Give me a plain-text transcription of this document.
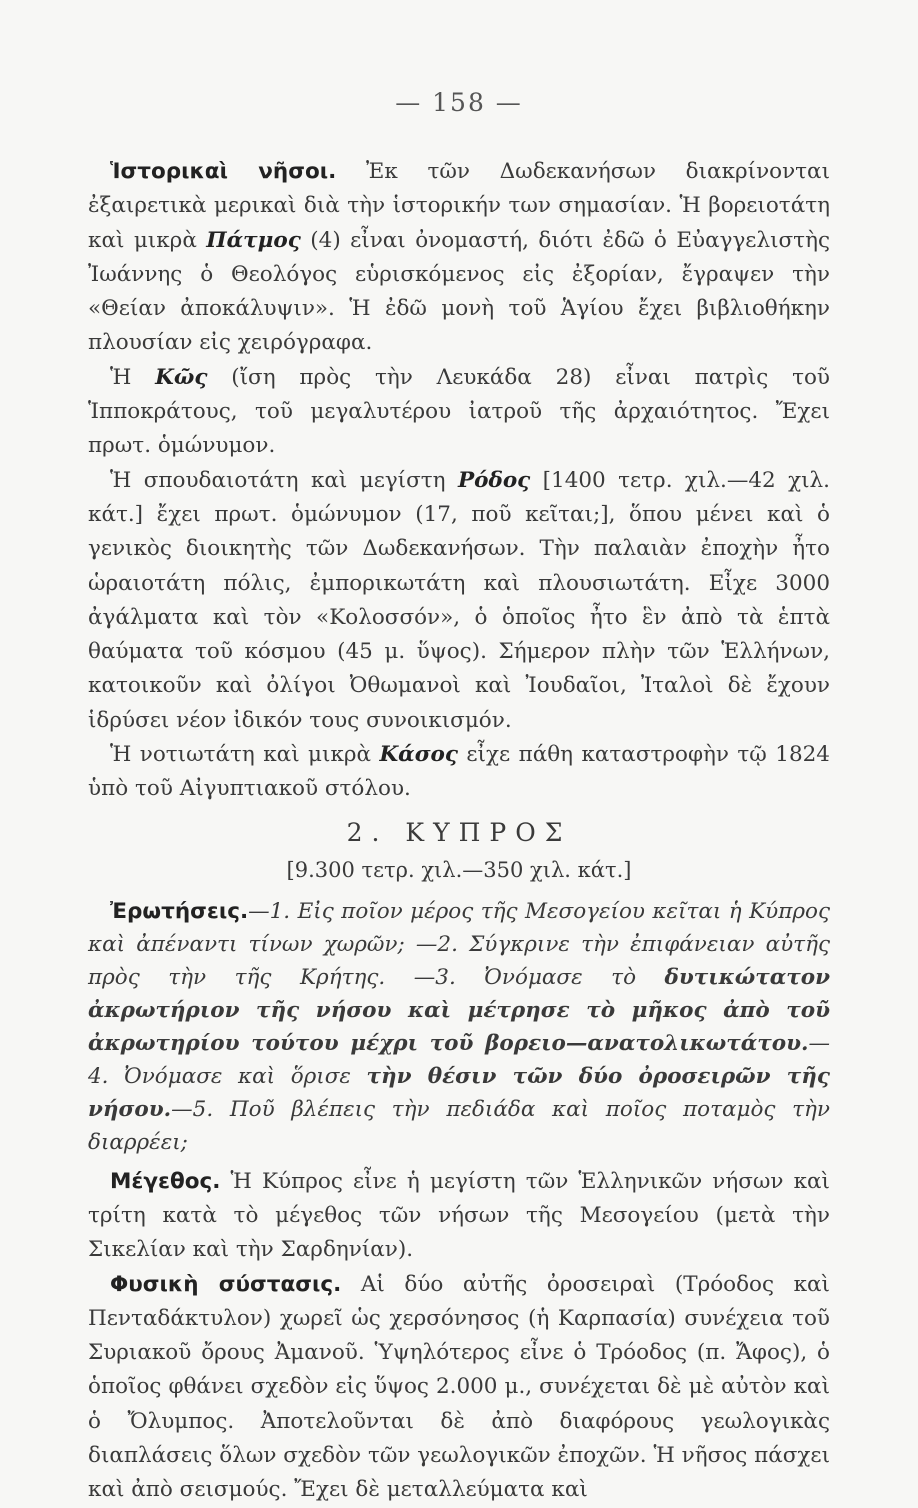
— 158 —

Ἱστορικαὶ νῆσοι. Ἐκ τῶν Δωδεκανήσων διακρίνονται ἐξαιρετικὰ μερικαὶ διὰ τὴν ἱστορικήν των σημασίαν. Ἡ βορειοτάτη καὶ μικρὰ Πάτμος (4) εἶναι ὀνομαστή, διότι ἐδῶ ὁ Εὐαγγελιστὴς Ἰωάννης ὁ Θεολόγος εὑρισκόμενος εἰς ἐξορίαν, ἔγραψεν τὴν «Θείαν ἀποκάλυψιν». Ἡ ἐδῶ μονὴ τοῦ Ἁγίου ἔχει βιβλιοθήκην πλουσίαν εἰς χειρόγραφα.

Ἡ Κῶς (ἴση πρὸς τὴν Λευκάδα 28) εἶναι πατρὶς τοῦ Ἱπποκράτους, τοῦ μεγαλυτέρου ἰατροῦ τῆς ἀρχαιότητος. Ἔχει πρωτ. ὁμώνυμον.

Ἡ σπουδαιοτάτη καὶ μεγίστη Ρόδος [1400 τετρ. χιλ.—42 χιλ. κάτ.] ἔχει πρωτ. ὁμώνυμον (17, ποῦ κεῖται;], ὅπου μένει καὶ ὁ γενικὸς διοικητὴς τῶν Δωδεκανήσων. Τὴν παλαιὰν ἐποχὴν ἦτο ὡραιοτάτη πόλις, ἐμπορικωτάτη καὶ πλουσιωτάτη. Εἶχε 3000 ἀγάλματα καὶ τὸν «Κολοσσόν», ὁ ὁποῖος ἦτο ἓν ἀπὸ τὰ ἑπτὰ θαύματα τοῦ κόσμου (45 μ. ὕψος). Σήμερον πλὴν τῶν Ἑλλήνων, κατοικοῦν καὶ ὀλίγοι Ὀθωμανοὶ καὶ Ἰουδαῖοι, Ἰταλοὶ δὲ ἔχουν ἱδρύσει νέον ἰδικόν τους συνοικισμόν.

Ἡ νοτιωτάτη καὶ μικρὰ Κάσος εἶχε πάθη καταστροφὴν τῷ 1824 ὑπὸ τοῦ Αἰγυπτιακοῦ στόλου.

2. ΚΥΠΡΟΣ
[9.300 τετρ. χιλ.—350 χιλ. κάτ.]

Ἐρωτήσεις.—1. Εἰς ποῖον μέρος τῆς Μεσογείου κεῖται ἡ Κύπρος καὶ ἀπέναντι τίνων χωρῶν; —2. Σύγκρινε τὴν ἐπιφάνειαν αὐτῆς πρὸς τὴν τῆς Κρήτης. —3. Ὀνόμασε τὸ δυτικώτατον ἀκρωτήριον τῆς νήσου καὶ μέτρησε τὸ μῆκος ἀπὸ τοῦ ἀκρωτηρίου τούτου μέχρι τοῦ βορειο—ανατολικωτάτου.—4. Ὀνόμασε καὶ ὅρισε τὴν θέσιν τῶν δύο ὀροσειρῶν τῆς νήσου.—5. Ποῦ βλέπεις τὴν πεδιάδα καὶ ποῖος ποταμὸς τὴν διαρρέει;

Μέγεθος. Ἡ Κύπρος εἶνε ἡ μεγίστη τῶν Ἑλληνικῶν νήσων καὶ τρίτη κατὰ τὸ μέγεθος τῶν νήσων τῆς Μεσογείου (μετὰ τὴν Σικελίαν καὶ τὴν Σαρδηνίαν).

Φυσικὴ σύστασις. Αἱ δύο αὐτῆς ὀροσειραὶ (Τρόοδος καὶ Πενταδάκτυλον) χωρεῖ ὡς χερσόνησος (ἡ Καρπασία) συνέχεια τοῦ Συριακοῦ ὄρους Ἀμανοῦ. Ὑψηλότερος εἶνε ὁ Τρόοδος (π. Ἄφος), ὁ ὁποῖος φθάνει σχεδὸν εἰς ὕψος 2.000 μ., συνέχεται δὲ μὲ αὐτὸν καὶ ὁ Ὄλυμπος. Ἀποτελοῦνται δὲ ἀπὸ διαφόρους γεωλογικὰς διαπλάσεις ὅλων σχεδὸν τῶν γεωλογικῶν ἐποχῶν. Ἡ νῆσος πάσχει καὶ ἀπὸ σεισμούς. Ἔχει δὲ μεταλλεύματα καὶ
